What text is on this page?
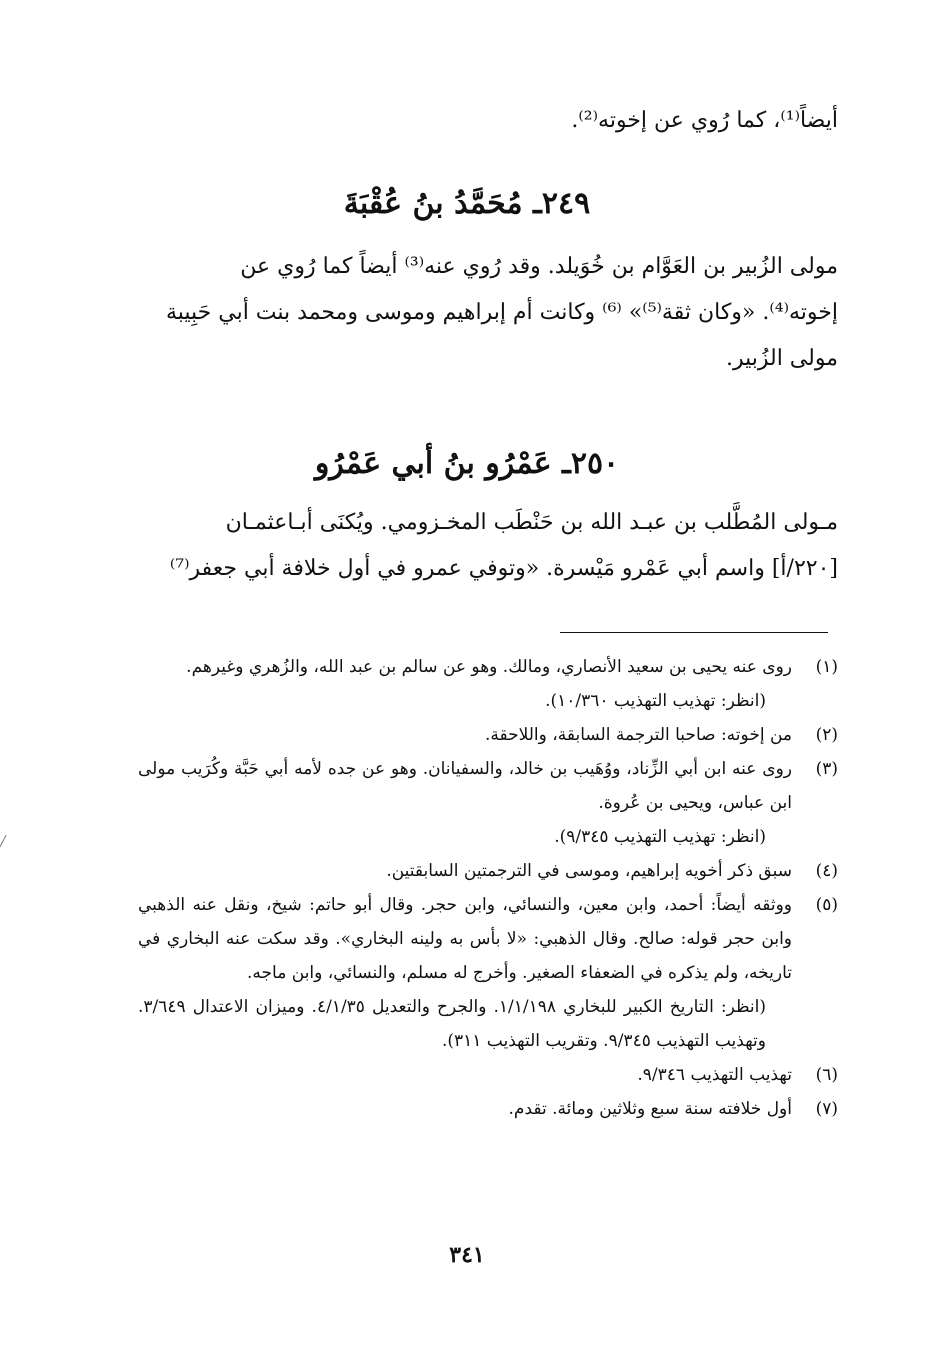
أيضاً⁽¹⁾، كما رُوي عن إخوته⁽²⁾.
٢٤٩ـ مُحَمَّدُ بنُ عُقْبَةَ
مولى الزُبير بن العَوَّام بن خُوَيلد. وقد رُوي عنه⁽³⁾ أيضاً كما رُوي عن
إخوته⁽⁴⁾. «وكان ثقة⁽⁵⁾» ⁽⁶⁾ وكانت أم إبراهيم وموسى ومحمد بنت أبي حَبِيبة
مولى الزُبير.
٢٥٠ـ عَمْرُو بنُ أبي عَمْرُو
مـولى المُطَّلب بن عبـد الله بن حَنْطَب المخـزومي. ويُكنَى أبـاعثمـان
[٢٢٠/أ] واسم أبي عَمْرو مَيْسرة. «وتوفي عمرو في أول خلافة أبي جعفر⁽⁷⁾
(١)

روى عنه يحيى بن سعيد الأنصاري، ومالك. وهو عن سالم بن عبد الله، والزُهري وغيرهم.

(انظر: تهذيب التهذيب ١٠/٣٦٠).

(٢)

من إخوته: صاحبا الترجمة السابقة، واللاحقة.

(٣)

روى عنه ابن أبي الزِّناد، ووُهَيب بن خالد، والسفيانان. وهو عن جده لأمه أبي حَبَّة وكُرَيب مولى ابن عباس، ويحيى بن عُروة.

(انظر: تهذيب التهذيب ٩/٣٤٥).

(٤)

سبق ذكر أخويه إبراهيم، وموسى في الترجمتين السابقتين.

(٥)

ووثقه أيضاً: أحمد، وابن معين، والنسائي، وابن حجر. وقال أبو حاتم: شيخ، ونقل عنه الذهبي وابن حجر قوله: صالح. وقال الذهبي: «لا بأس به ولينه البخاري». وقد سكت عنه البخاري في تاريخه، ولم يذكره في الضعفاء الصغير. وأخرج له مسلم، والنسائي، وابن ماجه.

(انظر: التاريخ الكبير للبخاري ١/١/١٩٨. والجرح والتعديل ٤/١/٣٥. وميزان الاعتدال ٣/٦٤٩. وتهذيب التهذيب ٩/٣٤٥. وتقريب التهذيب ٣١١).

(٦)

تهذيب التهذيب ٩/٣٤٦.

(٧)

أول خلافته سنة سبع وثلاثين ومائة. تقدم.

٣٤١
